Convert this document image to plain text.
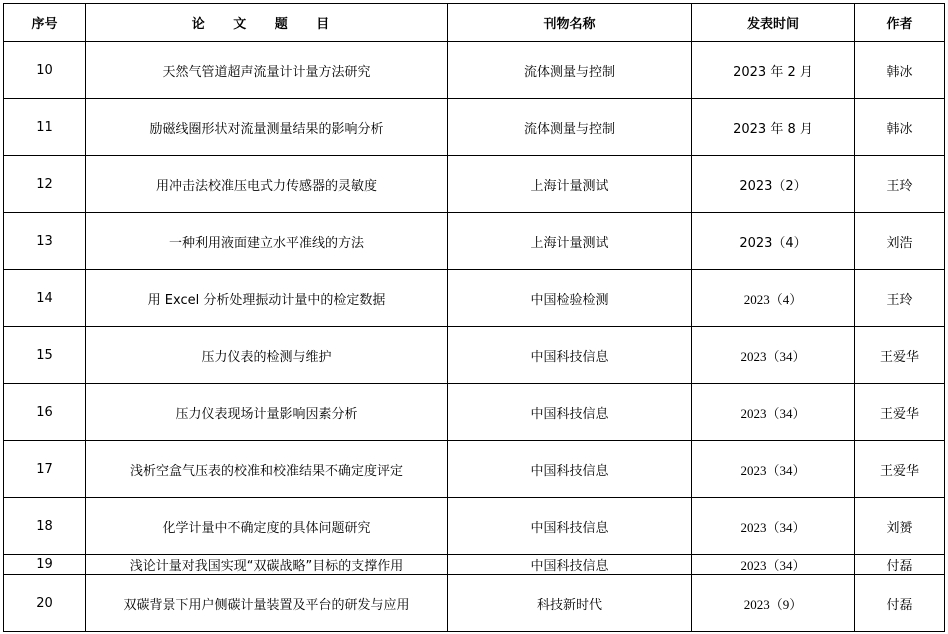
序号	论 文 题 目	刊物名称	发表时间	作者
10	天然气管道超声流量计计量方法研究	流体测量与控制	2023 年 2 月	韩冰
11	励磁线圈形状对流量测量结果的影响分析	流体测量与控制	2023 年 8 月	韩冰
12	用冲击法校准压电式力传感器的灵敏度	上海计量测试	2023（2）	王玲
13	一种利用液面建立水平准线的方法	上海计量测试	2023（4）	刘浩
14	用 Excel 分析处理振动计量中的检定数据	中国检验检测	2023（4）	王玲
15	压力仪表的检测与维护	中国科技信息	2023（34）	王爱华
16	压力仪表现场计量影响因素分析	中国科技信息	2023（34）	王爱华
17	浅析空盒气压表的校准和校准结果不确定度评定	中国科技信息	2023（34）	王爱华
18	化学计量中不确定度的具体问题研究	中国科技信息	2023（34）	刘赟
19	浅论计量对我国实现“双碳战略”目标的支撑作用	中国科技信息	2023（34）	付磊
20	双碳背景下用户侧碳计量装置及平台的研发与应用	科技新时代	2023（9）	付磊
